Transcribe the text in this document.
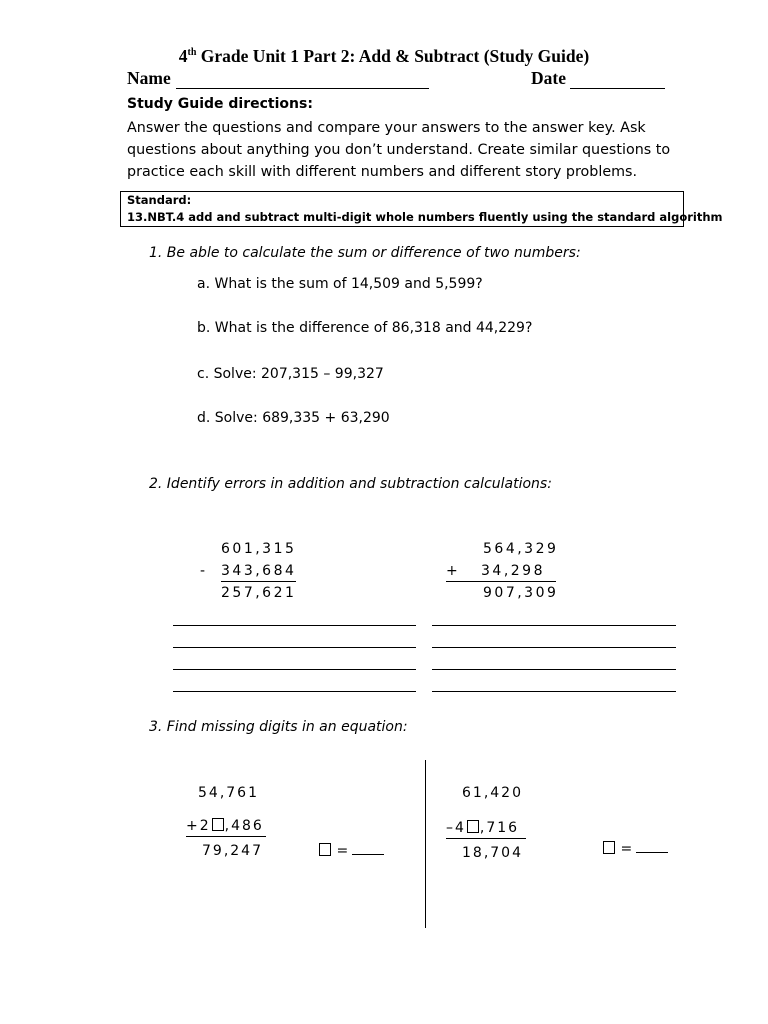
4th Grade Unit 1 Part 2: Add & Subtract (Study Guide)
Name	Date
Study Guide directions:
Answer the questions and compare your answers to the answer key. Ask questions about anything you don’t understand. Create similar questions to practice each skill with different numbers and different story problems.
Standard:
13.NBT.4 add and subtract multi-digit whole numbers fluently using the standard algorithm
1. Be able to calculate the sum or difference of two numbers:
a. What is the sum of 14,509 and 5,599?
b. What is the difference of 86,318 and 44,229?
c. Solve: 207,315 – 99,327
d. Solve: 689,335 + 63,290
2. Identify errors in addition and subtraction calculations:
601,315
- 343,684
257,621
564,329
+ 34,298
907,309
3. Find missing digits in an equation:
54,761
+2 ,486
79,247	=
61,420
–4 ,716
18,704	=
